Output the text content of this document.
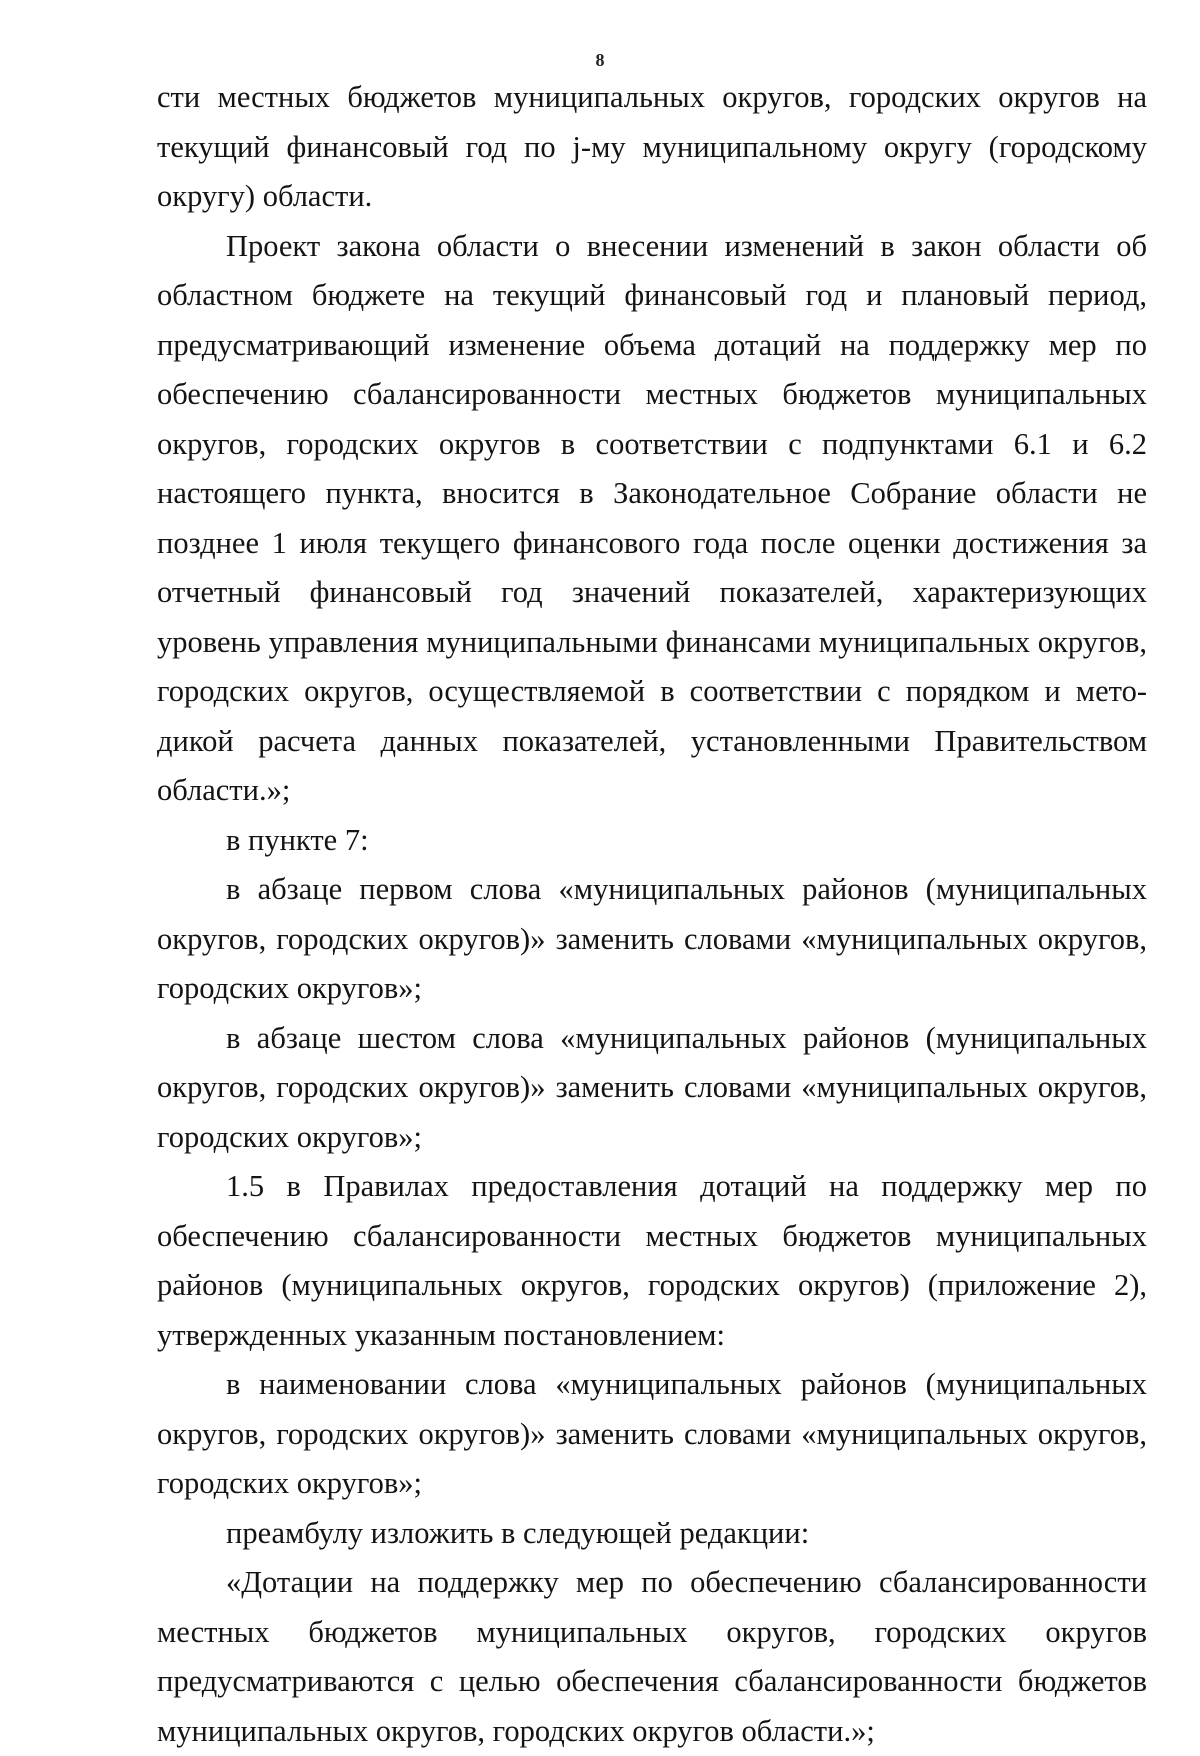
8

сти местных бюджетов муниципальных округов, городских округов на текущий финансовый год по j-му муниципальному округу (городскому округу) области.

Проект закона области о внесении изменений в закон области об областном бюджете на текущий финансовый год и плановый период, предусматривающий изменение объема дотаций на поддержку мер по обеспечению сбалансированности местных бюджетов муниципальных округов, городских округов в соответствии с подпунктами 6.1 и 6.2 настоящего пункта, вносится в Законодательное Собрание области не позднее 1 июля текущего финансового года после оценки достижения за отчетный финансовый год значений показателей, характеризующих уровень управления муниципальными финансами муниципальных округов, городских округов, осуществляемой в соответствии с порядком и методикой расчета данных показателей, установленными Правительством области.»;

в пункте 7:

в абзаце первом слова «муниципальных районов (муниципальных округов, городских округов)» заменить словами «муниципальных округов, городских округов»;

в абзаце шестом слова «муниципальных районов (муниципальных округов, городских округов)» заменить словами «муниципальных округов, городских округов»;

1.5 в Правилах предоставления дотаций на поддержку мер по обеспечению сбалансированности местных бюджетов муниципальных районов (муниципальных округов, городских округов) (приложение 2), утвержденных указанным постановлением:

в наименовании слова «муниципальных районов (муниципальных округов, городских округов)» заменить словами «муниципальных округов, городских округов»;

преамбулу изложить в следующей редакции:

«Дотации на поддержку мер по обеспечению сбалансированности местных бюджетов муниципальных округов, городских округов предусматриваются с целью обеспечения сбалансированности бюджетов муниципальных округов, городских округов области.»;
